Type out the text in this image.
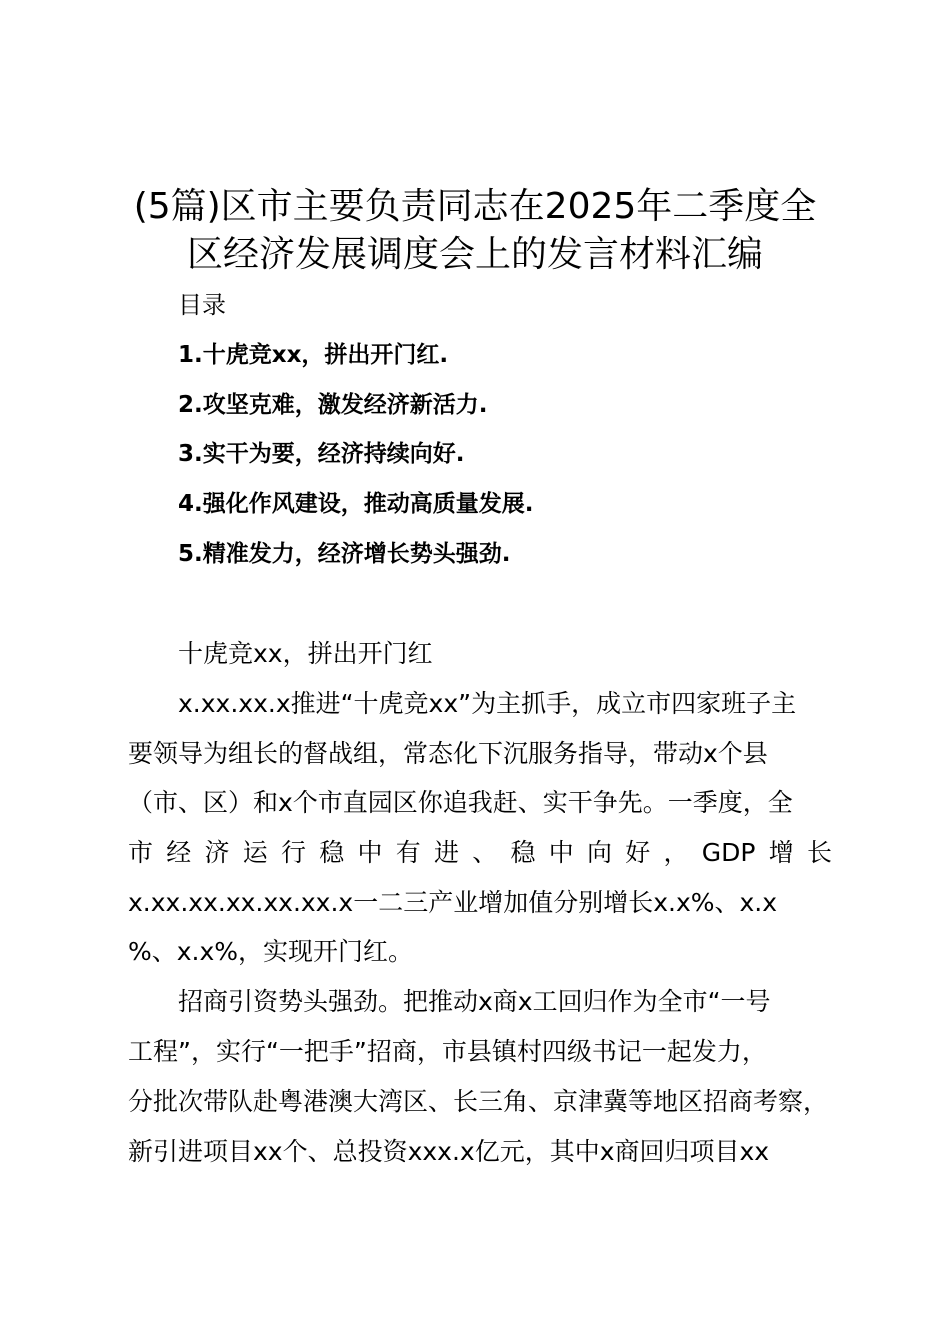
(5篇)区市主要负责同志在2025年二季度全
区经济发展调度会上的发言材料汇编
目录
1.十虎竞xx，拼出开门红.
2.攻坚克难，激发经济新活力.
3.实干为要，经济持续向好.
4.强化作风建设，推动高质量发展.
5.精准发力，经济增长势头强劲.
十虎竞xx，拼出开门红
x.xx.xx.x推进“十虎竞xx”为主抓手，成立市四家班子主
要领导为组长的督战组，常态化下沉服务指导，带动x个县
（市、区）和x个市直园区你追我赶、实干争先。一季度，全
市 经 济 运 行 稳 中 有 进 、 稳 中 向 好 ， GDP 增 长
x.xx.xx.xx.xx.xx.x一二三产业增加值分别增长x.x%、x.x
%、x.x%，实现开门红。
招商引资势头强劲。把推动x商x工回归作为全市“一号
工程”，实行“一把手”招商，市县镇村四级书记一起发力，
分批次带队赴粤港澳大湾区、长三角、京津冀等地区招商考察，
新引进项目xx个、总投资xxx.x亿元，其中x商回归项目xx
